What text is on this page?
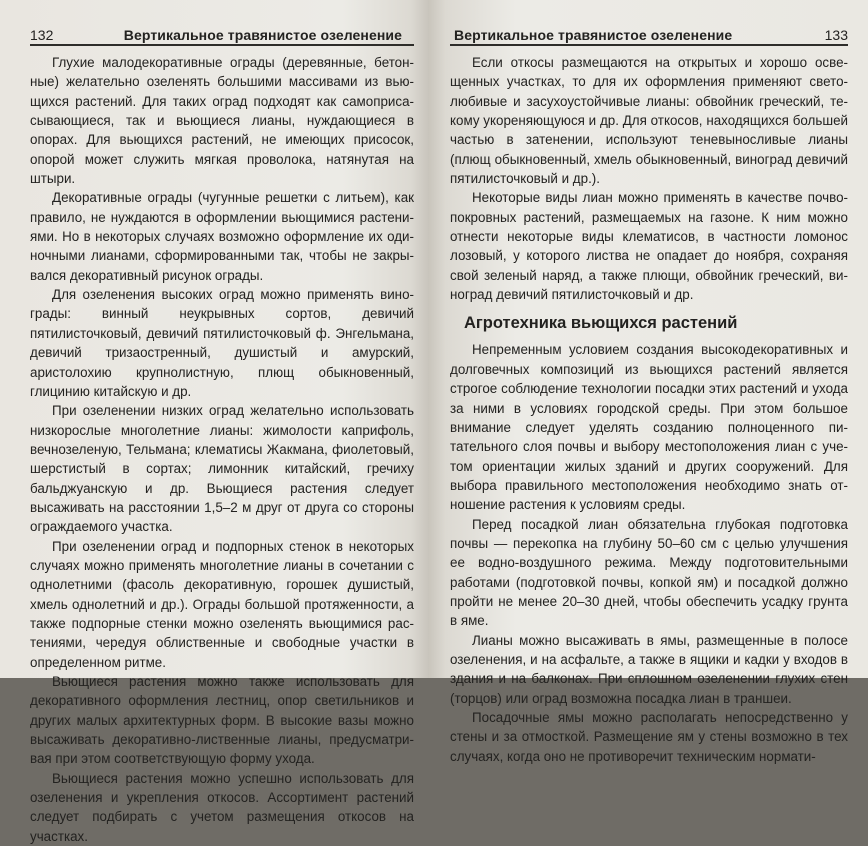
132	Вертикальное травянистое озеленение

Глухие малодекоративные ограды (деревянные, бетонные) желательно озеленять большими массивами из вьющихся растений. Для таких оград подходят как самоприсасывающиеся, так и вьющиеся лианы, нуждающиеся в опорах. Для вьющихся растений, не имеющих присосок, опорой может служить мягкая проволока, натянутая на штыри.

Декоративные ограды (чугунные решетки с литьем), как правило, не нуждаются в оформлении вьющимися растениями. Но в некоторых случаях возможно оформление их одиночными лианами, сформированными так, чтобы не закрывался декоративный рисунок ограды.

Для озеленения высоких оград можно применять винограды: винный неукрывных сортов, девичий пятилисточковый, девичий пятилисточковый ф. Энгельмана, девичий тризаостренный, душистый и амурский, аристолохию крупнолистную, плющ обыкновенный, глицинию китайскую и др.

При озеленении низких оград желательно использовать низкорослые многолетние лианы: жимолости каприфоль, вечнозеленую, Тельмана; клематисы Жакмана, фиолетовый, шерстистый в сортах; лимонник китайский, гречиху бальджуанскую и др. Вьющиеся растения следует высаживать на расстоянии 1,5–2 м друг от друга со стороны ограждаемого участка.

При озеленении оград и подпорных стенок в некоторых случаях можно применять многолетние лианы в сочетании с однолетними (фасоль декоративную, горошек душистый, хмель однолетний и др.). Ограды большой протяженности, а также подпорные стенки можно озеленять вьющимися растениями, чередуя облиственные и свободные участки в определенном ритме.

Вьющиеся растения можно также использовать для декоративного оформления лестниц, опор светильников и других малых архитектурных форм. В высокие вазы можно высаживать декоративно-лиственные лианы, предусматривая при этом соответствующую форму ухода.

Вьющиеся растения можно успешно использовать для озеленения и укрепления откосов. Ассортимент растений следует подбирать с учетом размещения откосов на участках.

Вертикальное травянистое озеленение	133

Если откосы размещаются на открытых и хорошо освещенных участках, то для их оформления применяют светолюбивые и засухоустойчивые лианы: обвойник греческий, текому укореняющуюся и др. Для откосов, находящихся большей частью в затенении, используют теневыносливые лианы (плющ обыкновенный, хмель обыкновенный, виноград девичий пятилисточковый и др.).

Некоторые виды лиан можно применять в качестве почвопокровных растений, размещаемых на газоне. К ним можно отнести некоторые виды клематисов, в частности ломонос лозовый, у которого листва не опадает до ноября, сохраняя свой зеленый наряд, а также плющи, обвойник греческий, виноград девичий пятилисточковый и др.

Агротехника вьющихся растений

Непременным условием создания высокодекоративных и долговечных композиций из вьющихся растений является строгое соблюдение технологии посадки этих растений и ухода за ними в условиях городской среды. При этом большое внимание следует уделять созданию полноценного питательного слоя почвы и выбору местоположения лиан с учетом ориентации жилых зданий и других сооружений. Для выбора правильного местоположения необходимо знать отношение растения к условиям среды.

Перед посадкой лиан обязательна глубокая подготовка почвы — перекопка на глубину 50–60 см с целью улучшения ее водно-воздушного режима. Между подготовительными работами (подготовкой почвы, копкой ям) и посадкой должно пройти не менее 20–30 дней, чтобы обеспечить усадку грунта в яме.

Лианы можно высаживать в ямы, размещенные в полосе озеленения, и на асфальте, а также в ящики и кадки у входов в здания и на балконах. При сплошном озеленении глухих стен (торцов) или оград возможна посадка лиан в траншеи.

Посадочные ямы можно располагать непосредственно у стены и за отмосткой. Размещение ям у стены возможно в тех случаях, когда оно не противоречит техническим нормати-
